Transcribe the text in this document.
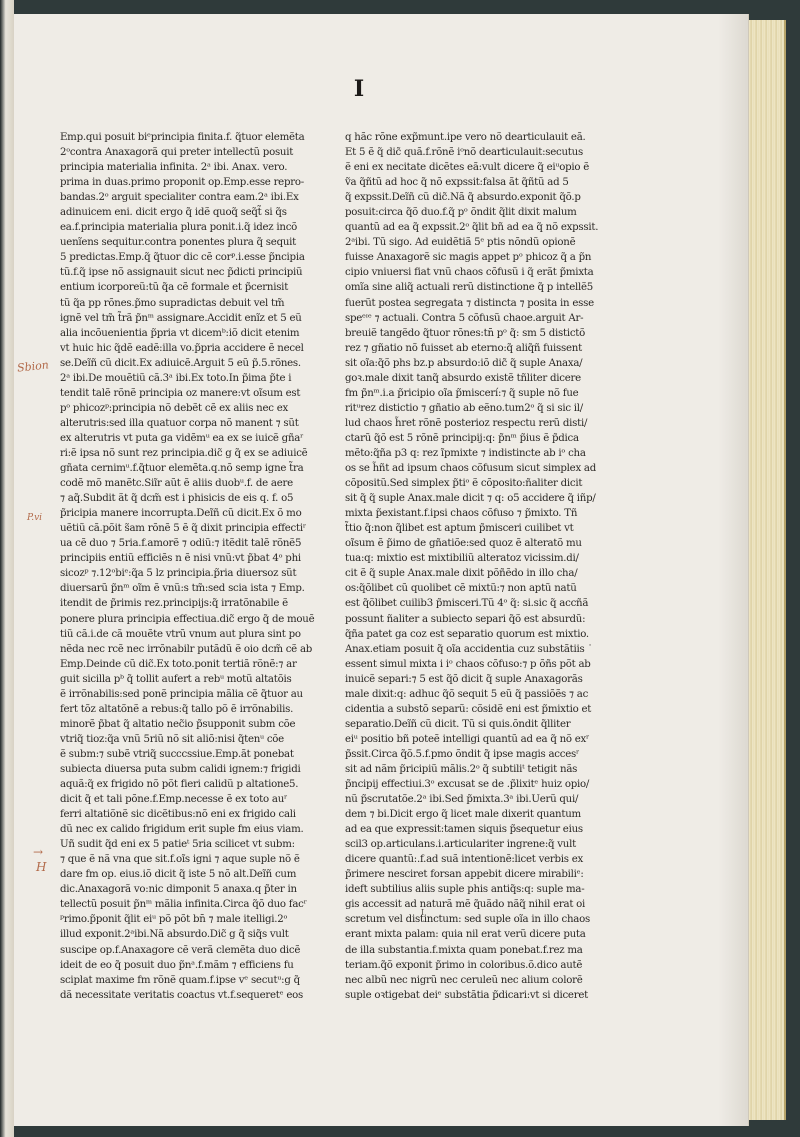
I
Emp.qui posuit biᵉprincipia finita.f. q̃tuor elemẽta
2ᵒcontra Anaxagorã qui preter intellectũ posuit
principia materialia infinita. 2ᵃ ibi. Anax. vero.
prima in duas.primo proponit op.Emp.esse repro-
bandas.2ᵒ arguit specialiter contra eam.2ᵃ ibi.Ex
adinuicem eni. dicit ergo q̃ idẽ quoq̃ seq̃t̃ si q̃s
ea.f.principia materialia plura ponit.i.q̃ idez incõ
uenĩens sequitur.contra ponentes plura q̃ sequit
5 predictas.Emp.q̃ q̃tuor dic cẽ corᵖ.i.esse p̃ncipia
tũ.f.q̃ ipse nõ assignauit sicut nec p̃dicti principiũ
entium icorporeũ:tũ q̃a cẽ formale et p̃cernisit
tũ q̃a pp rõnes.p̃mo supradictas debuit vel tm̃
ignẽ vel tm̃ t̃rã p̃nᵐ assignare.Accidit enĩz et 5 eũ
alia incõuenientia p̃pria vt dicemᵇ:iõ dicit etenim
vt huic hic q̃dẽ eadẽ:illa vo.p̃pria accidere ẽ necel
se.Deĩñ cũ dicit.Ex adiuicẽ.Arguit 5 eũ p̃.5.rõnes.
2ᵃ ibi.De mouẽtiũ cã.3ᵃ ibi.Ex toto.In p̃ima p̃te i
tendit talẽ rõnẽ principia oz manere:vt oĩsum est
pᵒ phicozᵖ:principia nõ debẽt cẽ ex aliis nec ex
alterutris:sed illa quatuor corpa nõ manent ⁊ sũt
ex alterutris vt puta ga vidẽmᵘ ea ex se iuicẽ gñaʳ
ri:ẽ ipsa nõ sunt rez principia.dic̃ g q̃ ex se adiuicẽ
gñata cernimᵘ.f.q̃tuor elemẽta.q.nõ semp igne t̃ra
codẽ mõ manẽtc.Siĩr aũt ẽ aliis duobᵘ.f. de aere
⁊ aq̃.Subdit ãt q̃ dcm̃ est i phisicis de eis q. f. o5
p̃ricipia manere incorrupta.Deĩñ cũ dicit.Ex õ mo
uẽtiũ cã.põit s̃am rõnẽ 5 ẽ q̃ dixit principia effectiʳ
ua cẽ duo ⁊ 5ria.f.amorẽ ⁊ odiũ:⁊ itẽdit talẽ rõnẽ5
principiis entiũ efficiẽs n ẽ nisi vnũ:vt p̃bat 4ᵒ phi
sicozᵖ ⁊.12ᵒbiᵉ:q̃a 5 lz principia.p̃ria diuersoz sũt
diuersarũ p̃nᵐ oĩm ẽ vnũ:s tm̃:sed scia ista ⁊ Emp.
itendit de p̃rimis rez.principijs:q̃ irratõnabile ẽ
ponere plura principia effectiua.dic̃ ergo q̃ de mouẽ
tiũ cã.i.de cã mouẽte vtrũ vnum aut plura sint po
nẽda nec rcẽ nec irrõnabilr putãdũ ẽ oio dcm̃ cẽ ab
Emp.Deinde cũ dic̃.Ex toto.ponit tertiã rõnẽ:⁊ ar
guit sicilla pᵇ q̃ tollit aufert a rebᵘ motũ altatõis
ẽ irrõnabilis:sed ponẽ principia mãlia cẽ q̃tuor au
fert tõz altatõnẽ a rebus:q̃ tallo põ ẽ irrõnabilis.
minorẽ p̃bat q̃ altatio nec̃io p̃supponit subm cõe
vtriq̃ tioz:q̃a vnũ 5riũ nõ sit aliõ:nisi q̃tenᵘ cõe
ẽ subm:⁊ subẽ vtriq̃ succcssiue.Emp.ãt ponebat
subiecta diuersa puta subm calidi ignem:⁊ frigidi
aquã:q̃ ex frigido nõ põt fieri calidũ p altatione5.
dicit q̃ et tali põne.f.Emp.necesse ẽ ex toto auʳ
ferri altatiõnẽ sic dicẽtibus:nõ eni ex frigido cali
dũ nec ex calido frigidum erit suple fm eius viam.
Uñ sudit q̃d eni ex 5 patieᵗ 5ria scilicet vt subm:
⁊ que ẽ nã vna que sit.f.oĩs igni ⁊ aque suple nõ ẽ
dare fm op. eius.iõ dicit q̃ iste 5 nõ alt.Deĩñ cum
dic.Anaxagorã vo:nic dimponit 5 anaxa.q p̃ter in
tellectũ posuit p̃nᵐ mãlia infinita.Circa q̃õ duo facʳ
ᵖrimo.p̃ponit q̃lit eiᵘ põ põt bn̄ ⁊ male itelligi.2ᵒ
illud exponit.2ᵃibi.Nã absurdo.Dic̃ g q̃ siq̃s vult
suscipe op.f.Anaxagore cẽ verã clemẽta duo dicẽ
ideit de eo q̃ posuit duo p̃nᵃ.f.mãm ⁊ efficiens fu
sciplat maxime fm rõnẽ quam.f.ipse vᵉ secutᵘ:g q̃
dã necessitate veritatis coactus vt.f.sequeretᵉ eos
q hãc rõne exp̃munt.ipe vero nõ dearticulauit eã.
Et 5 ẽ q̃ dic̃ quã.f.rõnẽ iᵒnõ dearticulauit:secutus
ẽ eni ex necitate dicẽtes eã:vult dicere q̃ eiᵘopio ẽ
ṽa q̃ñtũ ad hoc q̃ nõ expssit:falsa ãt q̃ñtũ ad 5
q̃ expssit.Deĩñ cũ dic̃.Nã q̃ absurdo.exponit q̃õ.p
posuit:circa q̃õ duo.f.q̃ pᵒ õndit q̃lit dixit malum
quantũ ad ea q̃ expssit.2ᵒ q̃lit bñ ad ea q̃ nõ expssit.
2ᵃibi. Tũ sigo. Ad euidẽtiã 5ᵉ ptis nõndũ opionẽ
fuisse Anaxagorẽ sic magis appet pᵒ phicoz q̃ a p̃n
cipio vniuersi fiat vnũ chaos cõfusũ i q̃ erãt p̃mixta
omĩa sine aliq̃ actuali rerũ distinctione q̃ p intellẽ5
fuerũt postea segregata ⁊ distincta ⁊ posita in esse
speᵉᶦᵉ ⁊ actuali. Contra 5 cõfusũ chaoe.arguit Ar-
breuiẽ tangẽdo q̃tuor rõnes:tn̄ pᵒ q̃: sm 5 distictõ
rez ⁊ gñatio nõ fuisset ab eterno:q̃ aliq̃ñ fuissent
sit oĩa:q̃õ phs bz.p absurdo:iõ dic̃ q̃ suple Anaxa/
goꝛ.male dixit tanq̃ absurdo existẽ tñliter dicere
fm p̃nᵐ.i.a p̃ricipio oĩa p̃miscerí:⁊ q̃ suple nõ fue
ritᵘrez distictio ⁊ gñatio ab eẽno.tum2ᵒ q̃ si sic il/
lud chaos h̃ret rõnẽ posterioz respectu rerũ disti/
ctarũ q̃õ est 5 rõnẽ principij:q: p̃nᵐ p̃ius ẽ p̃dica
mẽto:q̃ña p3 q: rez ĩpmixte ⁊ indistincte ab iᵒ cha
os se h̃ñt ad ipsum chaos cõfusum sicut simplex ad
cõpositũ.Sed simplex p̃tiᵒ ẽ cõposito:ñaliter dicit
sit q̃ q̃ suple Anax.male dicit ⁊ q: o5 accidere q̃ iñp/
mixta p̃existant.f.ipsi chaos cõfuso ⁊ p̃mixto. Tñ
t̃tio q̃:non q̃libet est aptum p̃misceri cuilibet vt
oĩsum ẽ p̃imo de gñatiõe:sed quoz ẽ alteratõ mu
tua:q: mixtio est mixtibiliũ alteratoz vicissim.di/
cit ẽ q̃ suple Anax.male dixit põñẽdo in illo cha/
os:q̃õlibet cũ quolibet cẽ mixtũ:⁊ non aptũ natũ
est q̃õlibet cuilib3 p̃misceri.Tũ 4ᵒ q̃: si.sic q̃ accñã
possunt ñaliter a subiecto separi q̃õ est absurdũ:
q̃ña patet ga coz est separatio quorum est mixtio.
Anax.etiam posuit q̃ oĩa accidentia cuz substãtiis ˙
essent simul mixta i iᵒ chaos cõfuso:⁊ p õñs põt ab
inuicẽ separi:⁊ 5 est q̃õ dicit q̃ suple Anaxagorãs
male dixit:q: adhuc q̃õ sequit 5 eũ q̃ passiõẽs ⁊ ac
cidentia a substõ separũ: cõsidẽ eni est p̃mixtio et
separatio.Deĩñ cũ dicit. Tũ si quis.õndit q̃lliter
eiᵘ positio bñ poteẽ intelligi quantũ ad ea q̃ nõ exʳ
p̃ssit.Circa q̃õ.5.f.pmo õndit q̃ ipse magis accesʳ
sit ad nãm p̃ricipiũ mãlis.2ᵒ q̃ subtiliᵗ tetigit nãs
p̃ncipij effectiui.3ᵒ excusat se de .p̃lixitᵉ huiz opio/
nũ p̃scrutatõe.2ᵃ ibi.Sed p̃mixta.3ᵃ ibi.Uerũ qui/
dem ⁊ bi.Dicit ergo q̃ licet male dixerit quantum
ad ea que expressit:tamen siquis p̃sequetur eius
scil3 op.articulans.i.articulariter ingrene:q̃ vult
dicere quantũ:.f.ad suã intentionẽ:licet verbis ex
p̃rimere nesciret forsan appebit dicere mirabiliᵉ:
ideft subtilius aliis suple phis antiq̃s:q: suple ma-
gis accessit ad naturã mẽ q̃uãdo nãq̃ nihil erat oi
scretum vel distinctum: sed suple oĩa in illo chaos
erant mixta palam: quia nil erat verũ dicere puta
de illa substantia.f.mixta quam ponebat.f.rez ma
teriam.q̃õ exponit p̃rimo in coloribus.õ.dico autẽ
nec albũ nec nigrũ nec ceruleũ nec alium colorẽ
suple oꝛtigebat deiᵉ substãtia p̃dicari:vt si diceret
I
Sbion
P.vi
→
H
